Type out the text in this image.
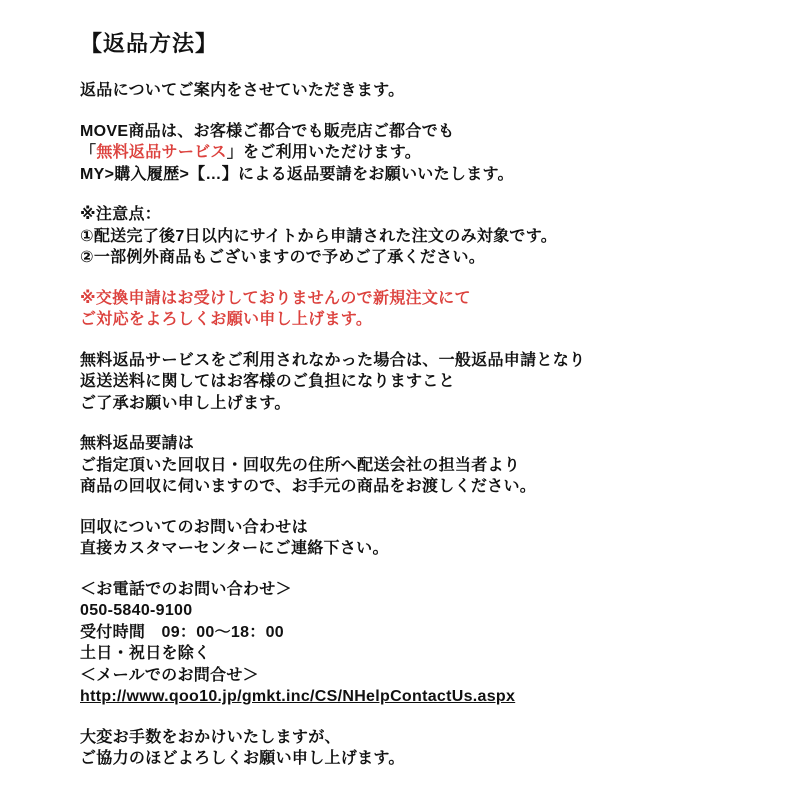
【返品方法】
返品についてご案内をさせていただきます。
MOVE商品は、お客様ご都合でも販売店ご都合でも
「無料返品サービス」をご利用いただけます。
MY>購入履歴>【…】による返品要請をお願いいたします。
※注意点：
①配送完了後7日以内にサイトから申請された注文のみ対象です。
②一部例外商品もございますので予めご了承ください。
※交換申請はお受けしておりませんので新規注文にて
ご対応をよろしくお願い申し上げます。
無料返品サービスをご利用されなかった場合は、一般返品申請となり
返送送料に関してはお客様のご負担になりますこと
ご了承お願い申し上げます。
無料返品要請は
ご指定頂いた回収日・回収先の住所へ配送会社の担当者より
商品の回収に伺いますので、お手元の商品をお渡しください。
回収についてのお問い合わせは
直接カスタマーセンターにご連絡下さい。
＜お電話でのお問い合わせ＞
050-5840-9100
受付時間　09：00〜18：00
土日・祝日を除く
＜メールでのお問合せ＞
http://www.qoo10.jp/gmkt.inc/CS/NHelpContactUs.aspx
大変お手数をおかけいたしますが、
ご協力のほどよろしくお願い申し上げます。
